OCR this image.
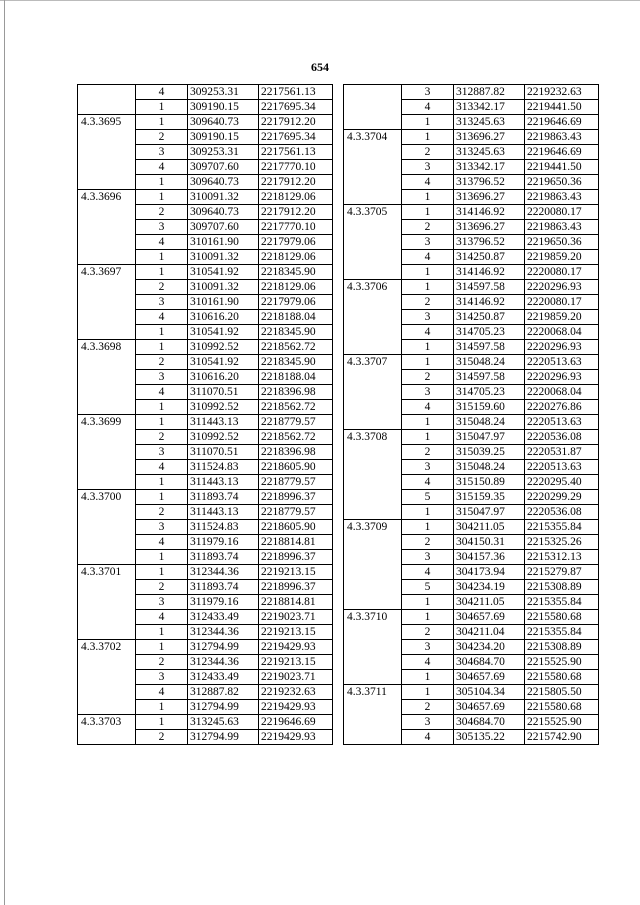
654
	4	309253.31	2217561.13
	1	309190.15	2217695.34
4.3.3695	1	309640.73	2217912.20
	2	309190.15	2217695.34
	3	309253.31	2217561.13
	4	309707.60	2217770.10
	1	309640.73	2217912.20
4.3.3696	1	310091.32	2218129.06
	2	309640.73	2217912.20
	3	309707.60	2217770.10
	4	310161.90	2217979.06
	1	310091.32	2218129.06
4.3.3697	1	310541.92	2218345.90
	2	310091.32	2218129.06
	3	310161.90	2217979.06
	4	310616.20	2218188.04
	1	310541.92	2218345.90
4.3.3698	1	310992.52	2218562.72
	2	310541.92	2218345.90
	3	310616.20	2218188.04
	4	311070.51	2218396.98
	1	310992.52	2218562.72
4.3.3699	1	311443.13	2218779.57
	2	310992.52	2218562.72
	3	311070.51	2218396.98
	4	311524.83	2218605.90
	1	311443.13	2218779.57
4.3.3700	1	311893.74	2218996.37
	2	311443.13	2218779.57
	3	311524.83	2218605.90
	4	311979.16	2218814.81
	1	311893.74	2218996.37
4.3.3701	1	312344.36	2219213.15
	2	311893.74	2218996.37
	3	311979.16	2218814.81
	4	312433.49	2219023.71
	1	312344.36	2219213.15
4.3.3702	1	312794.99	2219429.93
	2	312344.36	2219213.15
	3	312433.49	2219023.71
	4	312887.82	2219232.63
	1	312794.99	2219429.93
4.3.3703	1	313245.63	2219646.69
	2	312794.99	2219429.93
	3	312887.82	2219232.63
	4	313342.17	2219441.50
	1	313245.63	2219646.69
4.3.3704	1	313696.27	2219863.43
	2	313245.63	2219646.69
	3	313342.17	2219441.50
	4	313796.52	2219650.36
	1	313696.27	2219863.43
4.3.3705	1	314146.92	2220080.17
	2	313696.27	2219863.43
	3	313796.52	2219650.36
	4	314250.87	2219859.20
	1	314146.92	2220080.17
4.3.3706	1	314597.58	2220296.93
	2	314146.92	2220080.17
	3	314250.87	2219859.20
	4	314705.23	2220068.04
	1	314597.58	2220296.93
4.3.3707	1	315048.24	2220513.63
	2	314597.58	2220296.93
	3	314705.23	2220068.04
	4	315159.60	2220276.86
	1	315048.24	2220513.63
4.3.3708	1	315047.97	2220536.08
	2	315039.25	2220531.87
	3	315048.24	2220513.63
	4	315150.89	2220295.40
	5	315159.35	2220299.29
	1	315047.97	2220536.08
4.3.3709	1	304211.05	2215355.84
	2	304150.31	2215325.26
	3	304157.36	2215312.13
	4	304173.94	2215279.87
	5	304234.19	2215308.89
	1	304211.05	2215355.84
4.3.3710	1	304657.69	2215580.68
	2	304211.04	2215355.84
	3	304234.20	2215308.89
	4	304684.70	2215525.90
	1	304657.69	2215580.68
4.3.3711	1	305104.34	2215805.50
	2	304657.69	2215580.68
	3	304684.70	2215525.90
	4	305135.22	2215742.90
